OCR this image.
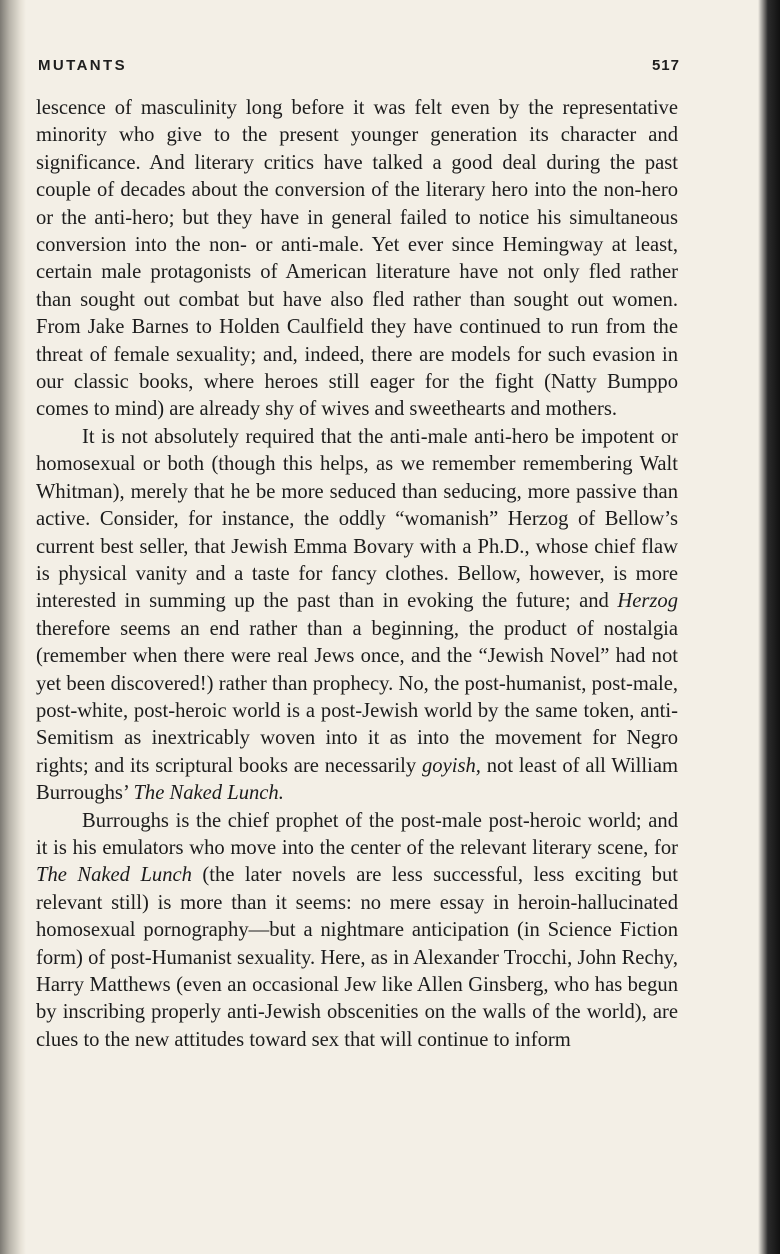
MUTANTS	517

lescence of masculinity long before it was felt even by the representative minority who give to the present younger generation its character and significance. And literary critics have talked a good deal during the past couple of decades about the conversion of the literary hero into the non-hero or the anti-hero; but they have in general failed to notice his simultaneous conversion into the non- or anti-male. Yet ever since Hemingway at least, certain male protagonists of American literature have not only fled rather than sought out combat but have also fled rather than sought out women. From Jake Barnes to Holden Caulfield they have continued to run from the threat of female sexuality; and, indeed, there are models for such evasion in our classic books, where heroes still eager for the fight (Natty Bumppo comes to mind) are already shy of wives and sweethearts and mothers.

It is not absolutely required that the anti-male anti-hero be impotent or homosexual or both (though this helps, as we remember remembering Walt Whitman), merely that he be more seduced than seducing, more passive than active. Consider, for instance, the oddly “womanish” Herzog of Bellow’s current best seller, that Jewish Emma Bovary with a Ph.D., whose chief flaw is physical vanity and a taste for fancy clothes. Bellow, however, is more interested in summing up the past than in evoking the future; and Herzog therefore seems an end rather than a beginning, the product of nostalgia (remember when there were real Jews once, and the “Jewish Novel” had not yet been discovered!) rather than prophecy. No, the post-humanist, post-male, post-white, post-heroic world is a post-Jewish world by the same token, anti-Semitism as inextricably woven into it as into the movement for Negro rights; and its scriptural books are necessarily goyish, not least of all William Burroughs’ The Naked Lunch.

Burroughs is the chief prophet of the post-male post-heroic world; and it is his emulators who move into the center of the relevant literary scene, for The Naked Lunch (the later novels are less successful, less exciting but relevant still) is more than it seems: no mere essay in heroin-hallucinated homosexual pornography—but a nightmare anticipation (in Science Fiction form) of post-Humanist sexuality. Here, as in Alexander Trocchi, John Rechy, Harry Matthews (even an occasional Jew like Allen Ginsberg, who has begun by inscribing properly anti-Jewish obscenities on the walls of the world), are clues to the new attitudes toward sex that will continue to inform
